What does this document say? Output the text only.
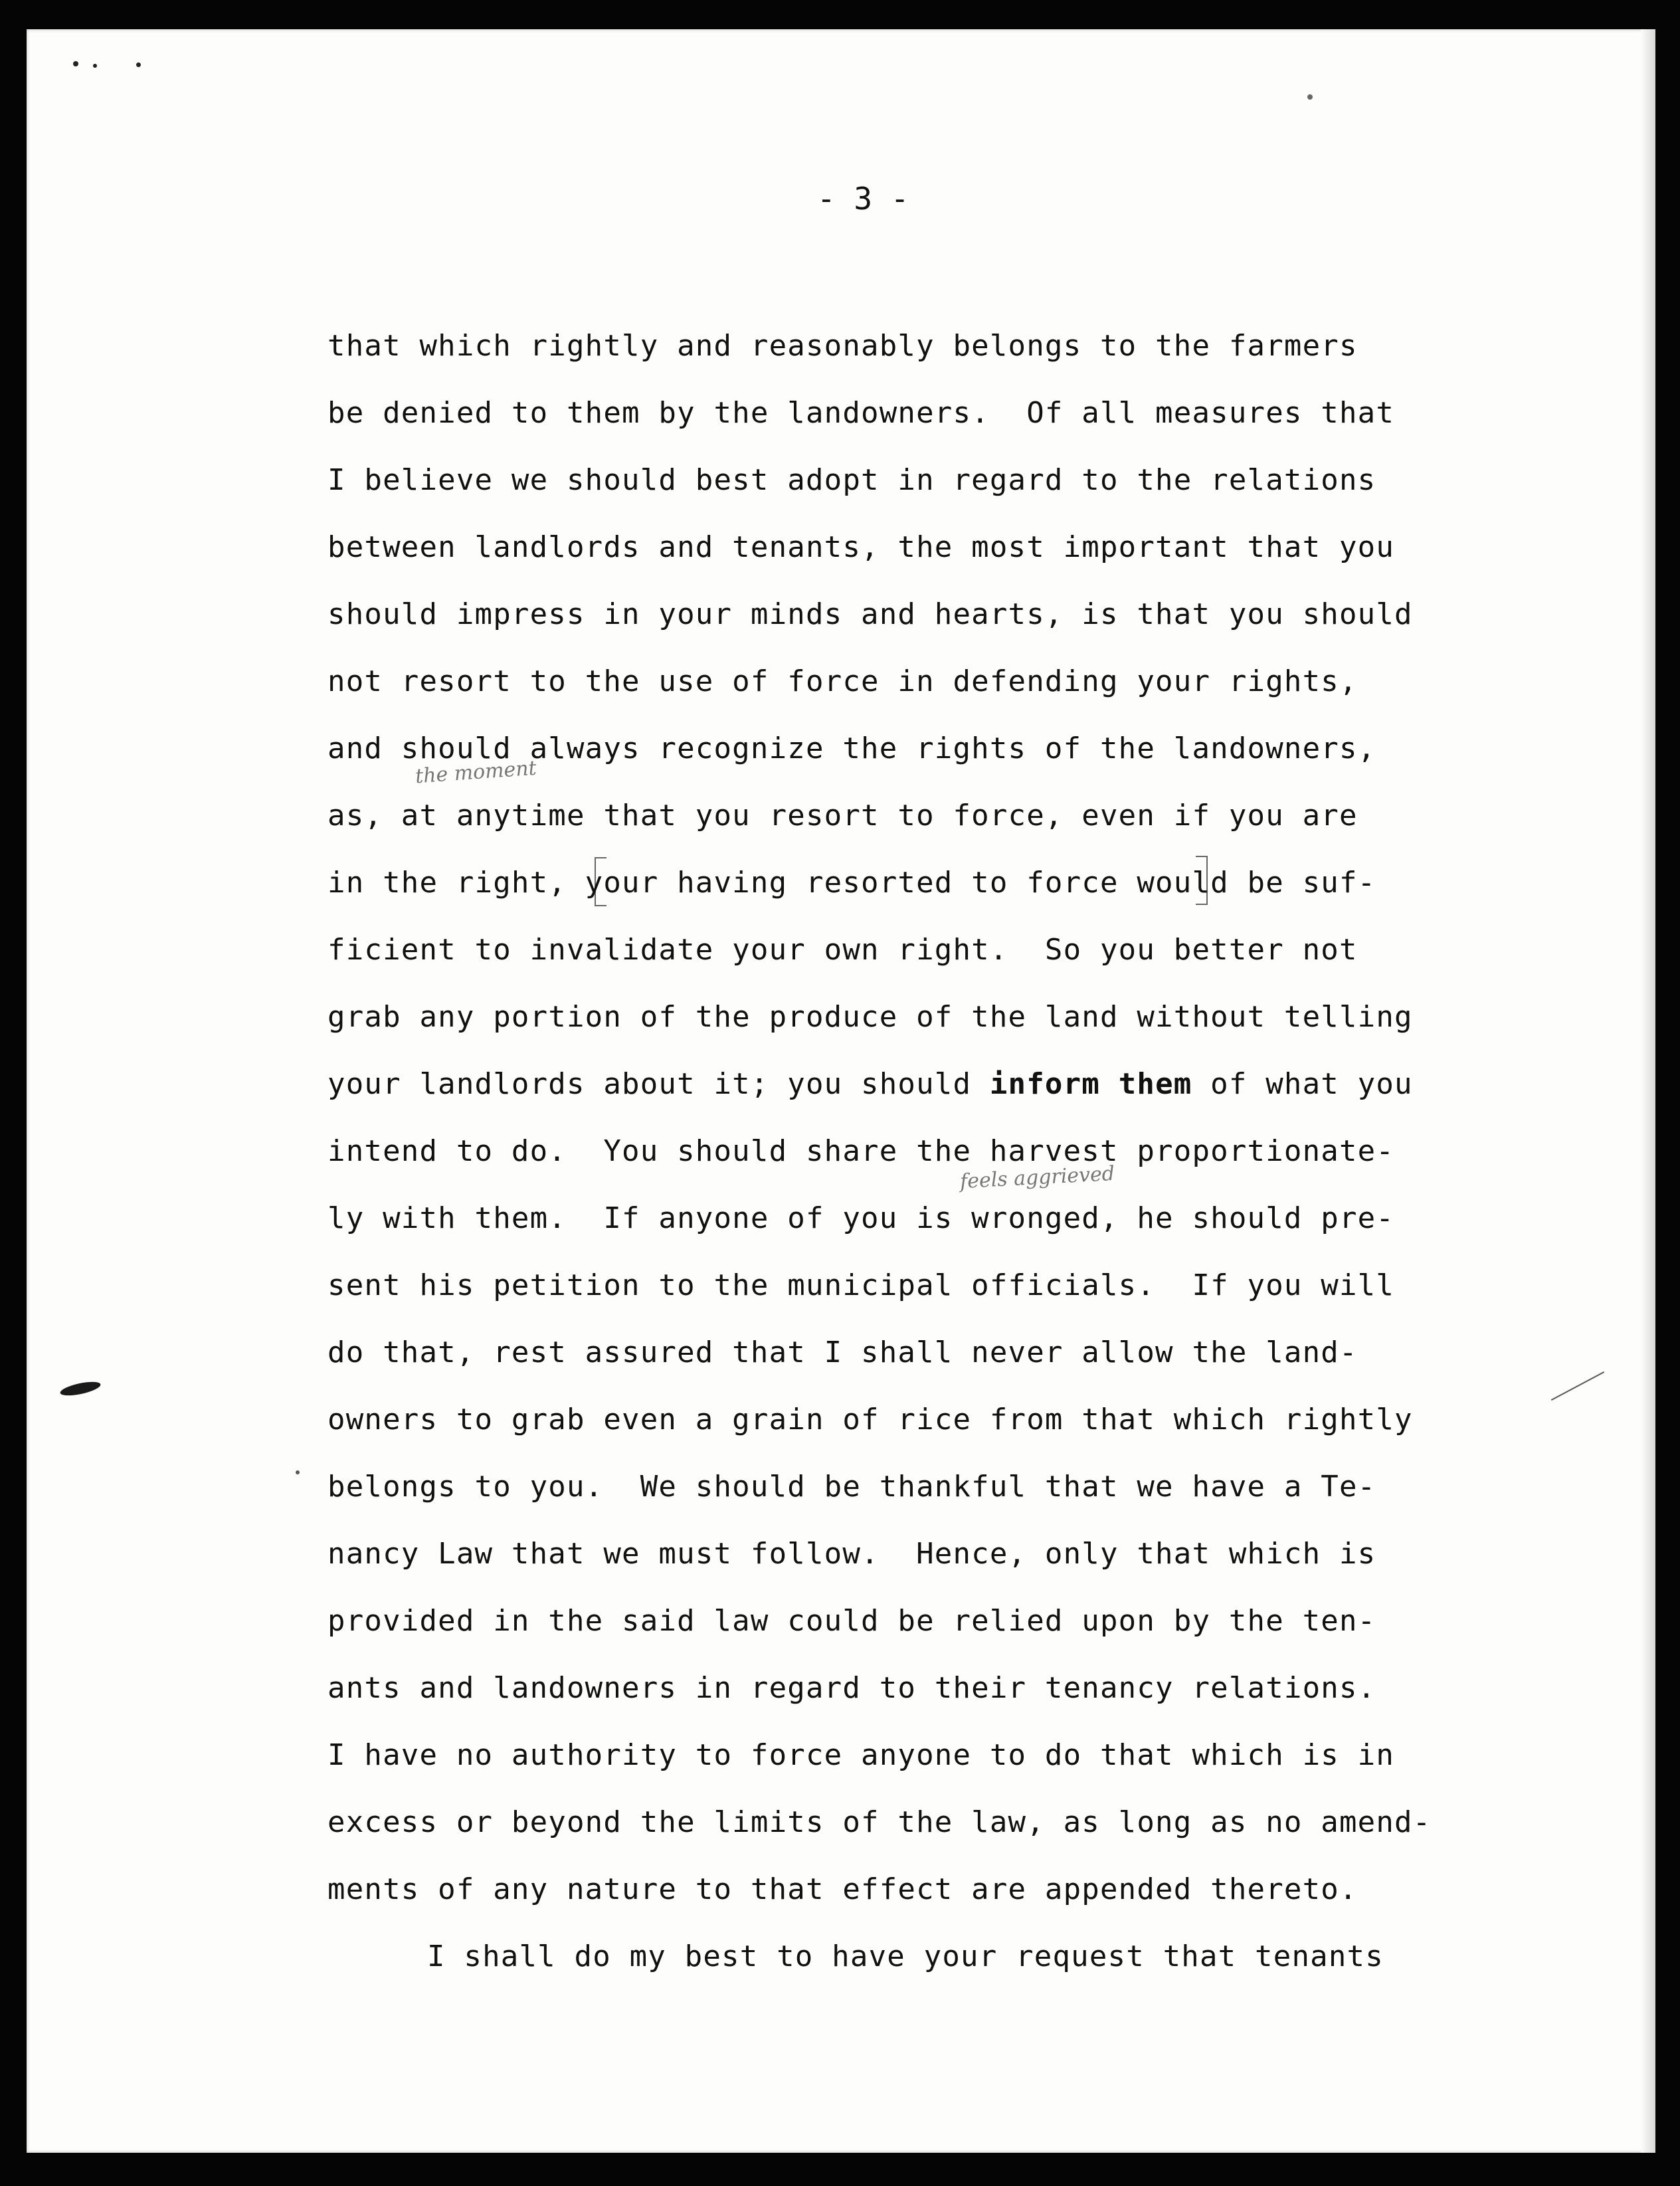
- 3 -
the moment
feels aggrieved
that which rightly and reasonably belongs to the farmers
be denied to them by the landowners.  Of all measures that
I believe we should best adopt in regard to the relations
between landlords and tenants, the most important that you
should impress in your minds and hearts, is that you should
not resort to the use of force in defending your rights,
and should always recognize the rights of the landowners,
as, at anytime that you resort to force, even if you are
in the right, your having resorted to force would be suf-
ficient to invalidate your own right.  So you better not
grab any portion of the produce of the land without telling
your landlords about it; you should inform them of what you
intend to do.  You should share the harvest proportionate-
ly with them.  If anyone of you is wronged, he should pre-
sent his petition to the municipal officials.  If you will
do that, rest assured that I shall never allow the land-
owners to grab even a grain of rice from that which rightly
belongs to you.  We should be thankful that we have a Te-
nancy Law that we must follow.  Hence, only that which is
provided in the said law could be relied upon by the ten-
ants and landowners in regard to their tenancy relations.
I have no authority to force anyone to do that which is in
excess or beyond the limits of the law, as long as no amend-
ments of any nature to that effect are appended thereto.
I shall do my best to have your request that tenants
